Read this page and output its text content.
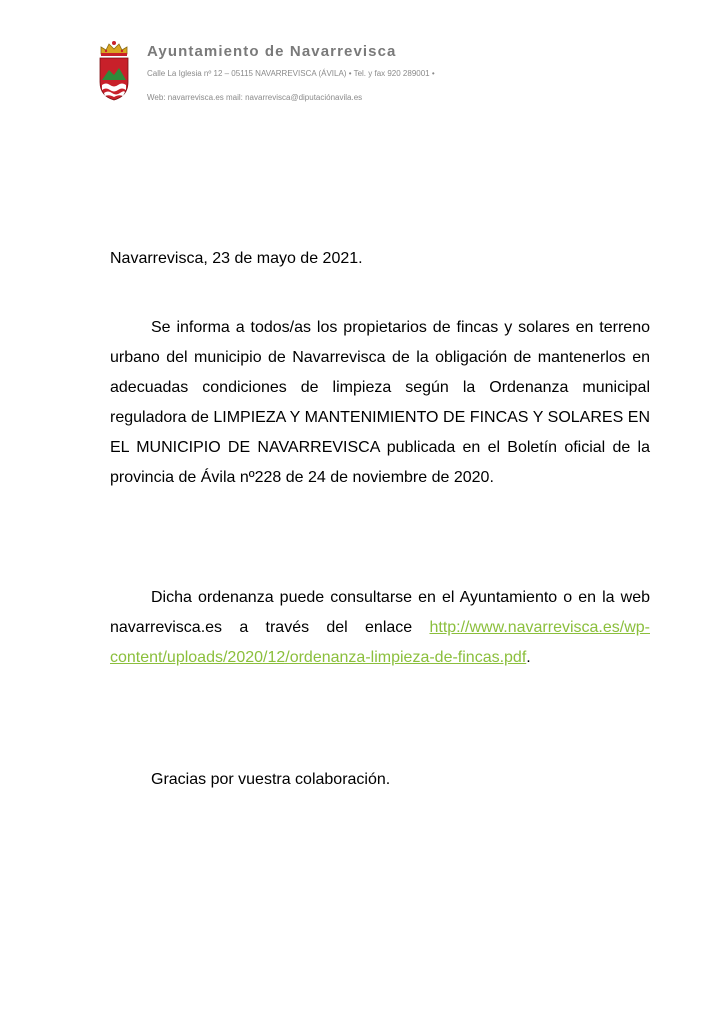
Ayuntamiento de Navarrevisca
Calle La Iglesia nº 12 – 05115 NAVARREVISCA (ÁVILA) • Tel. y fax 920 289001 •
Web: navarrevisca.es mail: navarrevisca@diputaciónavila.es

Navarrevisca, 23 de mayo de 2021.

Se informa a todos/as los propietarios de fincas y solares en terreno urbano del municipio de Navarrevisca de la obligación de mantenerlos en adecuadas condiciones de limpieza según la Ordenanza municipal reguladora de LIMPIEZA Y MANTENIMIENTO DE FINCAS Y SOLARES EN EL MUNICIPIO DE NAVARREVISCA publicada en el Boletín oficial de la provincia de Ávila nº228 de 24 de noviembre de 2020.

Dicha ordenanza puede consultarse en el Ayuntamiento o en la web navarrevisca.es a través del enlace http://www.navarrevisca.es/wp-content/uploads/2020/12/ordenanza-limpieza-de-fincas.pdf.

Gracias por vuestra colaboración.
